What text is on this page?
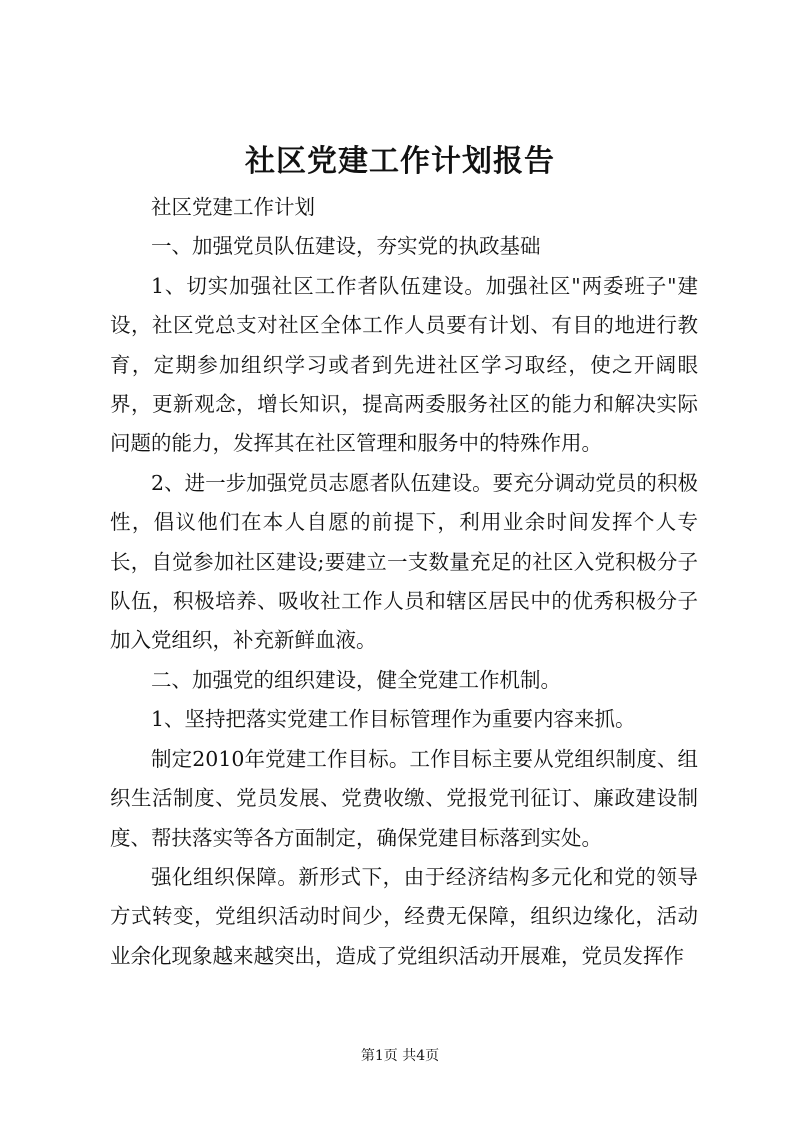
社区党建工作计划报告

社区党建工作计划

一、加强党员队伍建设，夯实党的执政基础

1、切实加强社区工作者队伍建设。加强社区"两委班子"建设，社区党总支对社区全体工作人员要有计划、有目的地进行教育，定期参加组织学习或者到先进社区学习取经，使之开阔眼界，更新观念，增长知识，提高两委服务社区的能力和解决实际问题的能力，发挥其在社区管理和服务中的特殊作用。

2、进一步加强党员志愿者队伍建设。要充分调动党员的积极性，倡议他们在本人自愿的前提下，利用业余时间发挥个人专长，自觉参加社区建设;要建立一支数量充足的社区入党积极分子队伍，积极培养、吸收社工作人员和辖区居民中的优秀积极分子加入党组织，补充新鲜血液。

二、加强党的组织建设，健全党建工作机制。

1、坚持把落实党建工作目标管理作为重要内容来抓。

制定2010年党建工作目标。工作目标主要从党组织制度、组织生活制度、党员发展、党费收缴、党报党刊征订、廉政建设制度、帮扶落实等各方面制定，确保党建目标落到实处。

强化组织保障。新形式下，由于经济结构多元化和党的领导方式转变，党组织活动时间少，经费无保障，组织边缘化，活动业余化现象越来越突出，造成了党组织活动开展难，党员发挥作

第1页 共4页
